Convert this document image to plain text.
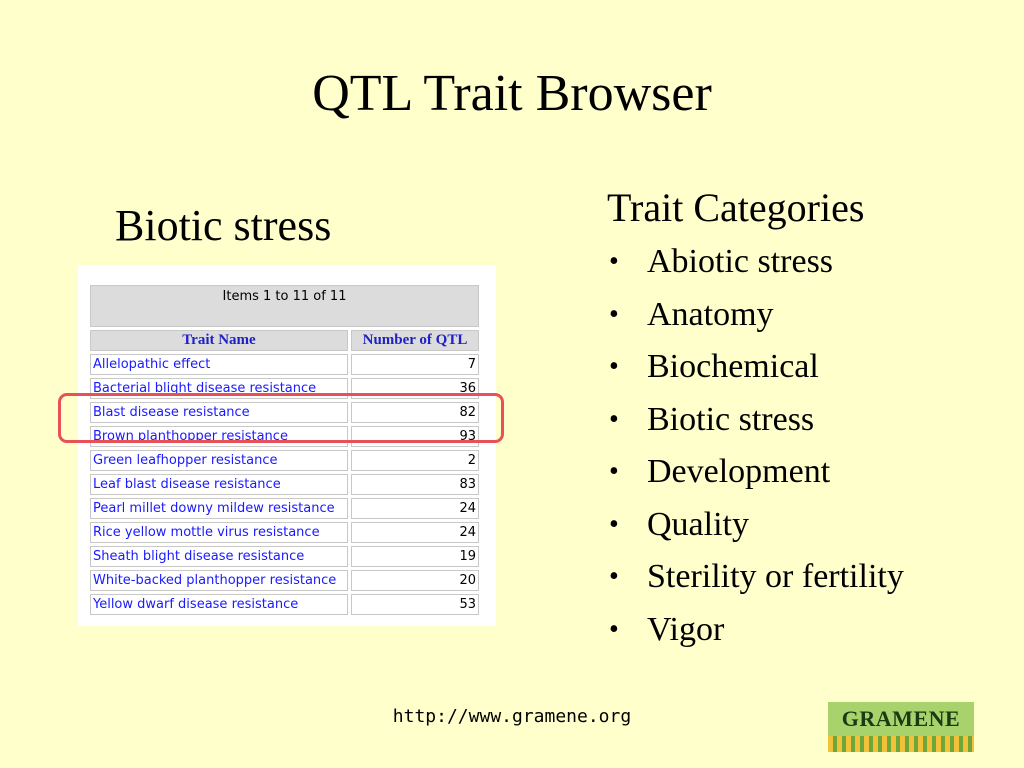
QTL Trait Browser
Biotic stress
Items 1 to 11 of 11	
Trait Name	Number of QTL
Allelopathic effect	7
Bacterial blight disease resistance	36
Blast disease resistance	82
Brown planthopper resistance	93
Green leafhopper resistance	2
Leaf blast disease resistance	83
Pearl millet downy mildew resistance	24
Rice yellow mottle virus resistance	24
Sheath blight disease resistance	19
White-backed planthopper resistance	20
Yellow dwarf disease resistance	53
Trait Categories
• Abiotic stress
• Anatomy
• Biochemical
• Biotic stress
• Development
• Quality
• Sterility or fertility
• Vigor
http://www.gramene.org	GRAMENE
